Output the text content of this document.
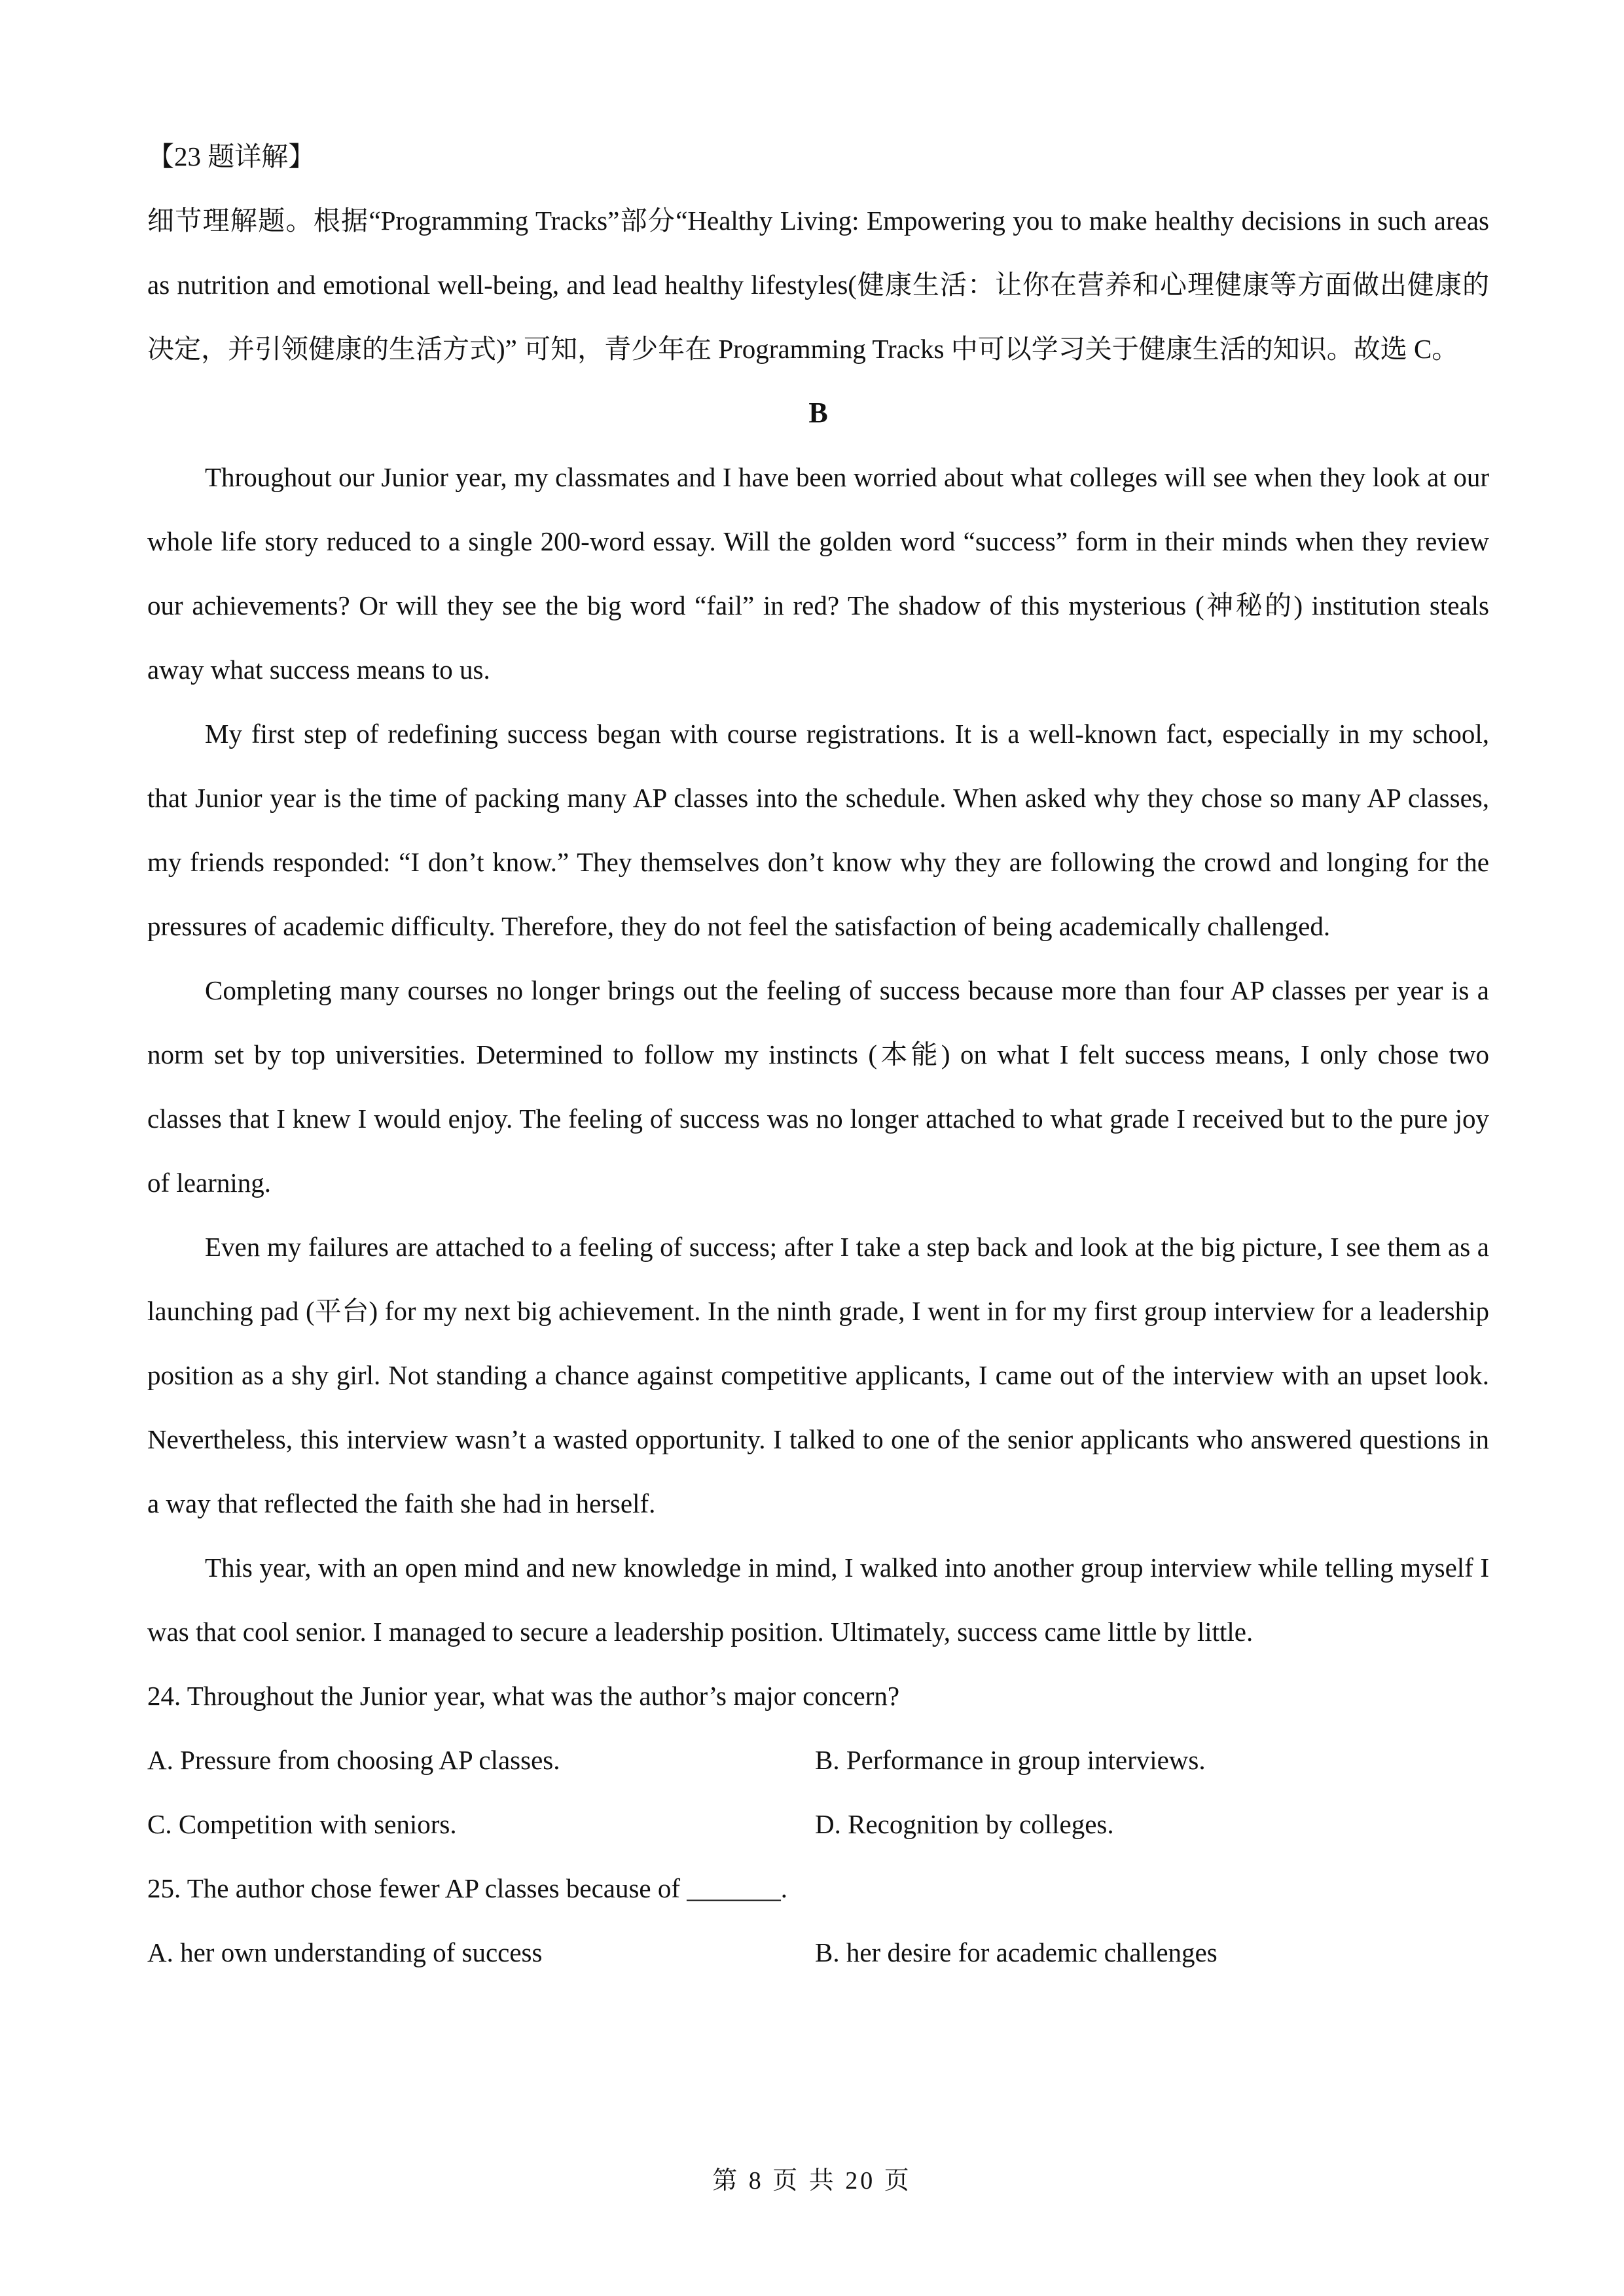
【23 题详解】

细节理解题。根据“Programming Tracks”部分“Healthy Living: Empowering you to make healthy decisions in such areas as nutrition and emotional well-being, and lead healthy lifestyles(健康生活：让你在营养和心理健康等方面做出健康的决定，并引领健康的生活方式)” 可知，青少年在 Programming Tracks 中可以学习关于健康生活的知识。故选 C。

B

Throughout our Junior year, my classmates and I have been worried about what colleges will see when they look at our whole life story reduced to a single 200-word essay. Will the golden word “success” form in their minds when they review our achievements? Or will they see the big word “fail” in red? The shadow of this mysterious (神秘的) institution steals away what success means to us.

My first step of redefining success began with course registrations. It is a well-known fact, especially in my school, that Junior year is the time of packing many AP classes into the schedule. When asked why they chose so many AP classes, my friends responded: “I don’t know.” They themselves don’t know why they are following the crowd and longing for the pressures of academic difficulty. Therefore, they do not feel the satisfaction of being academically challenged.

Completing many courses no longer brings out the feeling of success because more than four AP classes per year is a norm set by top universities. Determined to follow my instincts (本能) on what I felt success means, I only chose two classes that I knew I would enjoy. The feeling of success was no longer attached to what grade I received but to the pure joy of learning.

Even my failures are attached to a feeling of success; after I take a step back and look at the big picture, I see them as a launching pad (平台) for my next big achievement. In the ninth grade, I went in for my first group interview for a leadership position as a shy girl. Not standing a chance against competitive applicants, I came out of the interview with an upset look. Nevertheless, this interview wasn’t a wasted opportunity. I talked to one of the senior applicants who answered questions in a way that reflected the faith she had in herself.

This year, with an open mind and new knowledge in mind, I walked into another group interview while telling myself I was that cool senior. I managed to secure a leadership position. Ultimately, success came little by little.

24. Throughout the Junior year, what was the author’s major concern?

A. Pressure from choosing AP classes.	B. Performance in group interviews.
C. Competition with seniors.	D. Recognition by colleges.

25. The author chose fewer AP classes because of _______.

A. her own understanding of success	B. her desire for academic challenges
第 8 页 共 20 页
